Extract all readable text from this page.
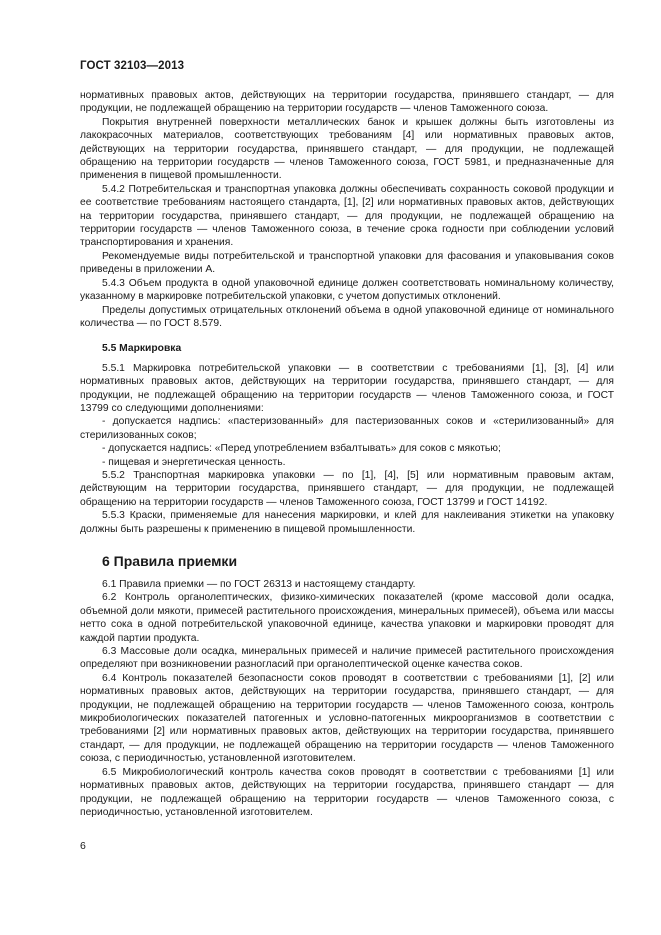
ГОСТ 32103—2013

нормативных правовых актов, действующих на территории государства, принявшего стандарт, — для продукции, не подлежащей обращению на территории государств — членов Таможенного союза.

Покрытия внутренней поверхности металлических банок и крышек должны быть изготовлены из лакокрасочных материалов, соответствующих требованиям [4] или нормативных правовых актов, действующих на территории государства, принявшего стандарт, — для продукции, не подлежащей обращению на территории государств — членов Таможенного союза, ГОСТ 5981, и предназначенные для применения в пищевой промышленности.

5.4.2 Потребительская и транспортная упаковка должны обеспечивать сохранность соковой продукции и ее соответствие требованиям настоящего стандарта, [1], [2] или нормативных правовых актов, действующих на территории государства, принявшего стандарт, — для продукции, не подлежащей обращению на территории государств — членов Таможенного союза, в течение срока годности при соблюдении условий транспортирования и хранения.

Рекомендуемые виды потребительской и транспортной упаковки для фасования и упаковывания соков приведены в приложении А.

5.4.3 Объем продукта в одной упаковочной единице должен соответствовать номинальному количеству, указанному в маркировке потребительской упаковки, с учетом допустимых отклонений.

Пределы допустимых отрицательных отклонений объема в одной упаковочной единице от номинального количества — по ГОСТ 8.579.

5.5 Маркировка

5.5.1 Маркировка потребительской упаковки — в соответствии с требованиями [1], [3], [4] или нормативных правовых актов, действующих на территории государства, принявшего стандарт, — для продукции, не подлежащей обращению на территории государств — членов Таможенного союза, и ГОСТ 13799 со следующими дополнениями:

- допускается надпись: «пастеризованный» для пастеризованных соков и «стерилизованный» для стерилизованных соков;

- допускается надпись: «Перед употреблением взбалтывать» для соков с мякотью;

- пищевая и энергетическая ценность.

5.5.2 Транспортная маркировка упаковки — по [1], [4], [5] или нормативным правовым актам, действующим на территории государства, принявшего стандарт, — для продукции, не подлежащей обращению на территории государств — членов Таможенного союза, ГОСТ 13799 и ГОСТ 14192.

5.5.3 Краски, применяемые для нанесения маркировки, и клей для наклеивания этикетки на упаковку должны быть разрешены к применению в пищевой промышленности.

6 Правила приемки

6.1 Правила приемки — по ГОСТ 26313 и настоящему стандарту.

6.2 Контроль органолептических, физико-химических показателей (кроме массовой доли осадка, объемной доли мякоти, примесей растительного происхождения, минеральных примесей), объема или массы нетто сока в одной потребительской упаковочной единице, качества упаковки и маркировки проводят для каждой партии продукта.

6.3 Массовые доли осадка, минеральных примесей и наличие примесей растительного происхождения определяют при возникновении разногласий при органолептической оценке качества соков.

6.4 Контроль показателей безопасности соков проводят в соответствии с требованиями [1], [2] или нормативных правовых актов, действующих на территории государства, принявшего стандарт, — для продукции, не подлежащей обращению на территории государств — членов Таможенного союза, контроль микробиологических показателей патогенных и условно-патогенных микроорганизмов в соответствии с требованиями [2] или нормативных правовых актов, действующих на территории государства, принявшего стандарт, — для продукции, не подлежащей обращению на территории государств — членов Таможенного союза, с периодичностью, установленной изготовителем.

6.5 Микробиологический контроль качества соков проводят в соответствии с требованиями [1] или нормативных правовых актов, действующих на территории государства, принявшего стандарт — для продукции, не подлежащей обращению на территории государств — членов Таможенного союза, с периодичностью, установленной изготовителем.

6
